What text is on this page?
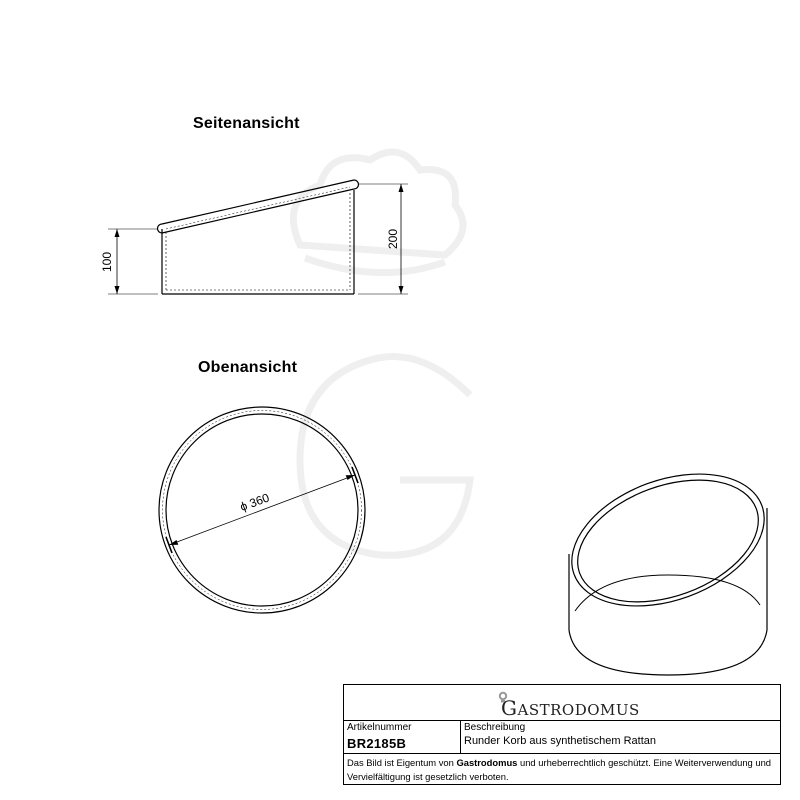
100
200
ϕ 360
Seitenansicht
Obenansicht
GASTRODOMUS
Artikelnummer
BR2185B
Beschreibung
Runder Korb aus synthetischem Rattan
Das Bild ist Eigentum von Gastrodomus und urheberrechtlich geschützt. Eine Weiterverwendung und Vervielfältigung ist gesetzlich verboten.
